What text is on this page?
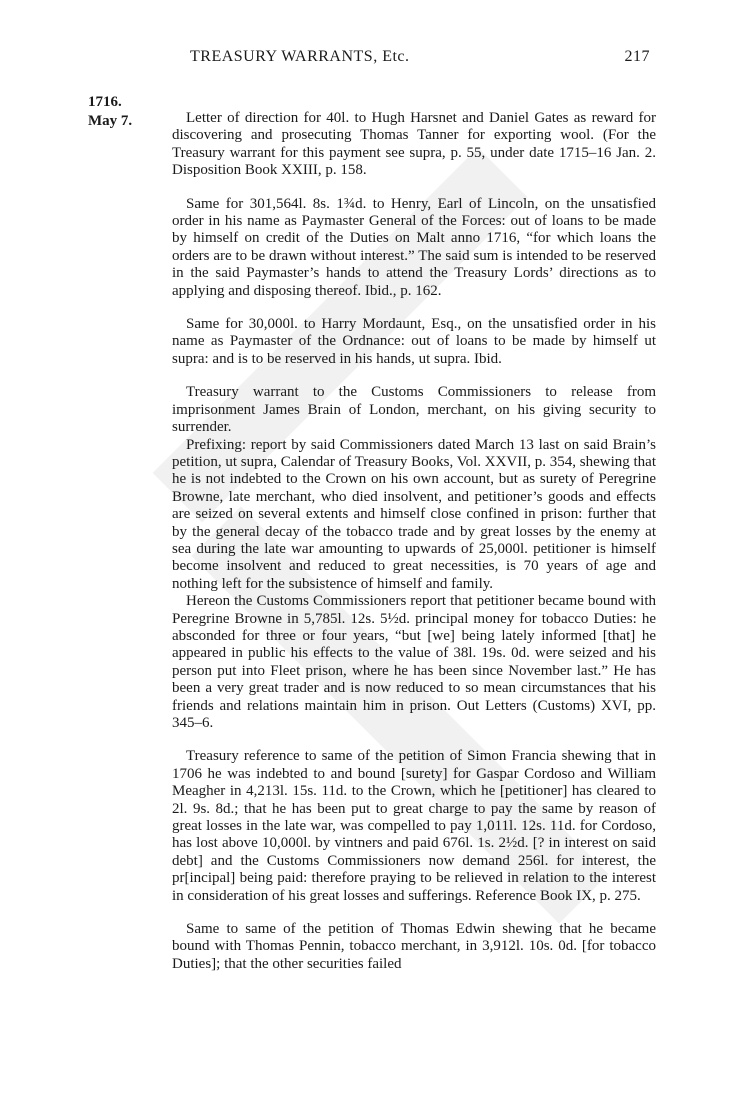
TREASURY WARRANTS, Etc.	217
1716.
May 7.	Letter of direction for 40l. to Hugh Harsnet and Daniel Gates as reward for discovering and prosecuting Thomas Tanner for exporting wool. (For the Treasury warrant for this payment see supra, p. 55, under date 1715–16 Jan. 2. Disposition Book XXIII, p. 158.

Same for 301,564l. 8s. 1¾d. to Henry, Earl of Lincoln, on the unsatisfied order in his name as Paymaster General of the Forces: out of loans to be made by himself on credit of the Duties on Malt anno 1716, “for which loans the orders are to be drawn without interest.” The said sum is intended to be reserved in the said Paymaster’s hands to attend the Treasury Lords’ directions as to applying and disposing thereof. Ibid., p. 162.

Same for 30,000l. to Harry Mordaunt, Esq., on the unsatisfied order in his name as Paymaster of the Ordnance: out of loans to be made by himself ut supra: and is to be reserved in his hands, ut supra. Ibid.

Treasury warrant to the Customs Commissioners to release from imprisonment James Brain of London, merchant, on his giving security to surrender.

Prefixing: report by said Commissioners dated March 13 last on said Brain’s petition, ut supra, Calendar of Treasury Books, Vol. XXVII, p. 354, shewing that he is not indebted to the Crown on his own account, but as surety of Peregrine Browne, late merchant, who died insolvent, and petitioner’s goods and effects are seized on several extents and himself close confined in prison: further that by the general decay of the tobacco trade and by great losses by the enemy at sea during the late war amounting to upwards of 25,000l. petitioner is himself become insolvent and reduced to great necessities, is 70 years of age and nothing left for the subsistence of himself and family.

Hereon the Customs Commissioners report that petitioner became bound with Peregrine Browne in 5,785l. 12s. 5½d. principal money for tobacco Duties: he absconded for three or four years, “but [we] being lately informed [that] he appeared in public his effects to the value of 38l. 19s. 0d. were seized and his person put into Fleet prison, where he has been since November last.” He has been a very great trader and is now reduced to so mean circumstances that his friends and relations maintain him in prison. Out Letters (Customs) XVI, pp. 345–6.

Treasury reference to same of the petition of Simon Francia shewing that in 1706 he was indebted to and bound [surety] for Gaspar Cordoso and William Meagher in 4,213l. 15s. 11d. to the Crown, which he [petitioner] has cleared to 2l. 9s. 8d.; that he has been put to great charge to pay the same by reason of great losses in the late war, was compelled to pay 1,011l. 12s. 11d. for Cordoso, has lost above 10,000l. by vintners and paid 676l. 1s. 2½d. [? in interest on said debt] and the Customs Commissioners now demand 256l. for interest, the pr[incipal] being paid: therefore praying to be relieved in relation to the interest in consideration of his great losses and sufferings. Reference Book IX, p. 275.

Same to same of the petition of Thomas Edwin shewing that he became bound with Thomas Pennin, tobacco merchant, in 3,912l. 10s. 0d. [for tobacco Duties]; that the other securities failed
